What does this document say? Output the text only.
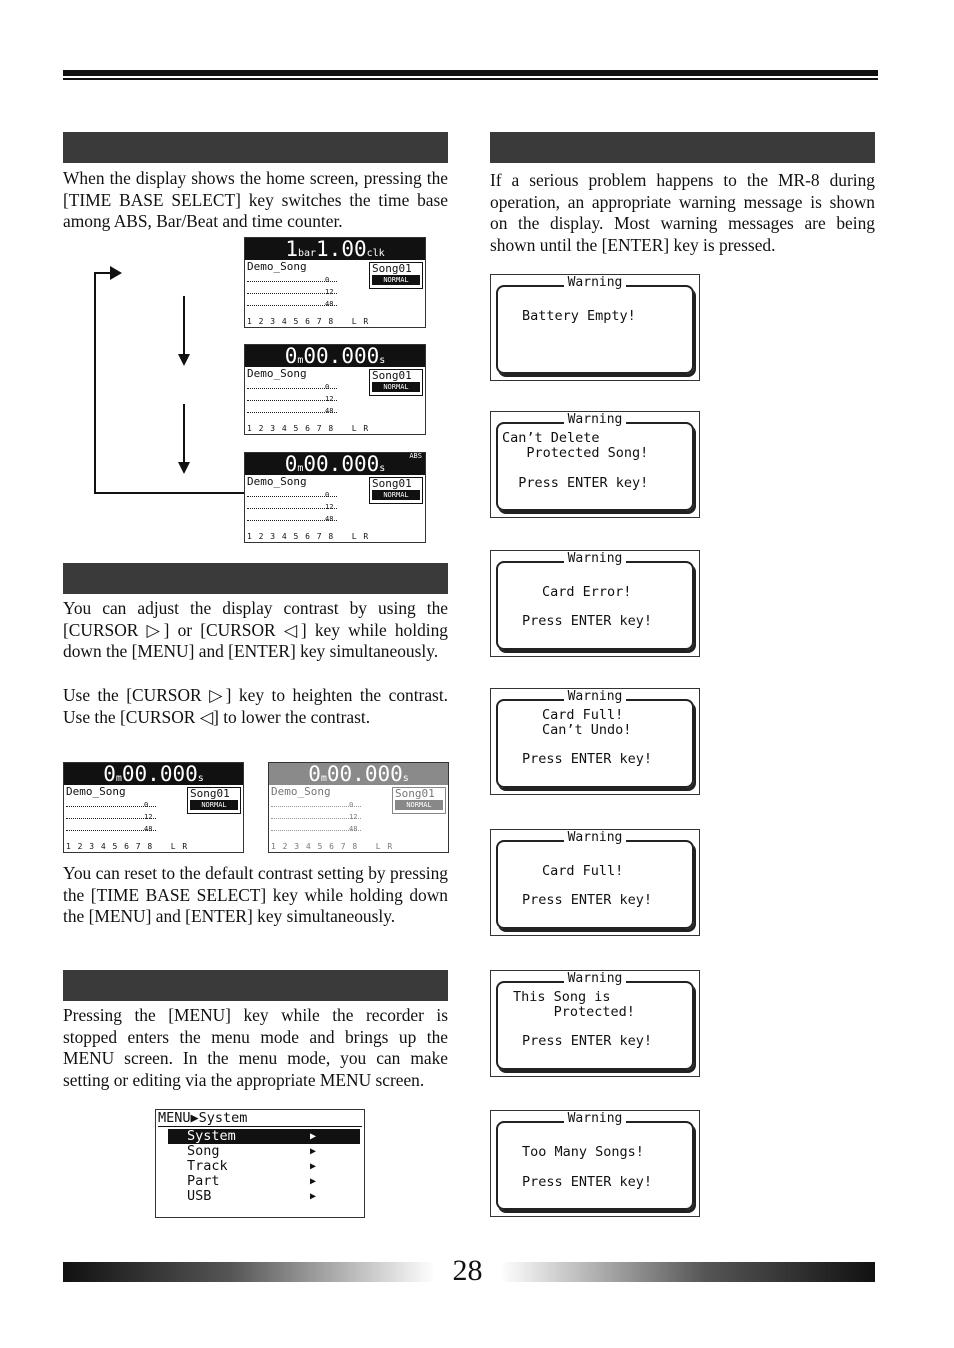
When the display shows the home screen, pressing the [TIME BASE SELECT] key switches the time base among ABS, Bar/Beat and time counter.

1bar1.00clk
Demo_Song	Song01
NORMAL
0
12
48
1 2 3 4 5 6 7 8 L R
0m00.000s
Demo_Song	Song01
NORMAL
0
12
48
1 2 3 4 5 6 7 8 L R
0m00.000s
ABS
Demo_Song	Song01
NORMAL
0
12
48
1 2 3 4 5 6 7 8 L R

You can adjust the display contrast by using the [CURSOR ▷] or [CURSOR ◁] key while holding down the [MENU] and [ENTER] key simultaneously.

Use the [CURSOR ▷] key to heighten the contrast. Use the [CURSOR ◁] to lower the contrast.

0m00.000s
Demo_Song	Song01
NORMAL
0
12
48
1 2 3 4 5 6 7 8 L R
0m00.000s
Demo_Song	Song01
NORMAL
0
12
48
1 2 3 4 5 6 7 8 L R

You can reset to the default contrast setting by pressing the [TIME BASE SELECT] key while holding down the [MENU] and [ENTER] key simultaneously.

Pressing the [MENU] key while the recorder is stopped enters the menu mode and brings up the MENU screen. In the menu mode, you can make setting or editing via the appropriate MENU screen.

MENU▶System
System	▶
Song	▶
Track	▶
Part	▶
USB	▶

If a serious problem happens to the MR-8 during operation, an appropriate warning message is shown on the display. Most warning messages are being shown until the [ENTER] key is pressed.

Warning
Battery Empty!
Warning
Can’t Delete
Protected Song!
Press ENTER key!
Warning
Card Error!
Press ENTER key!
Warning
Card Full!
Can’t Undo!
Press ENTER key!
Warning
Card Full!
Press ENTER key!
Warning
This Song is
Protected!
Press ENTER key!
Warning
Too Many Songs!
Press ENTER key!
28
